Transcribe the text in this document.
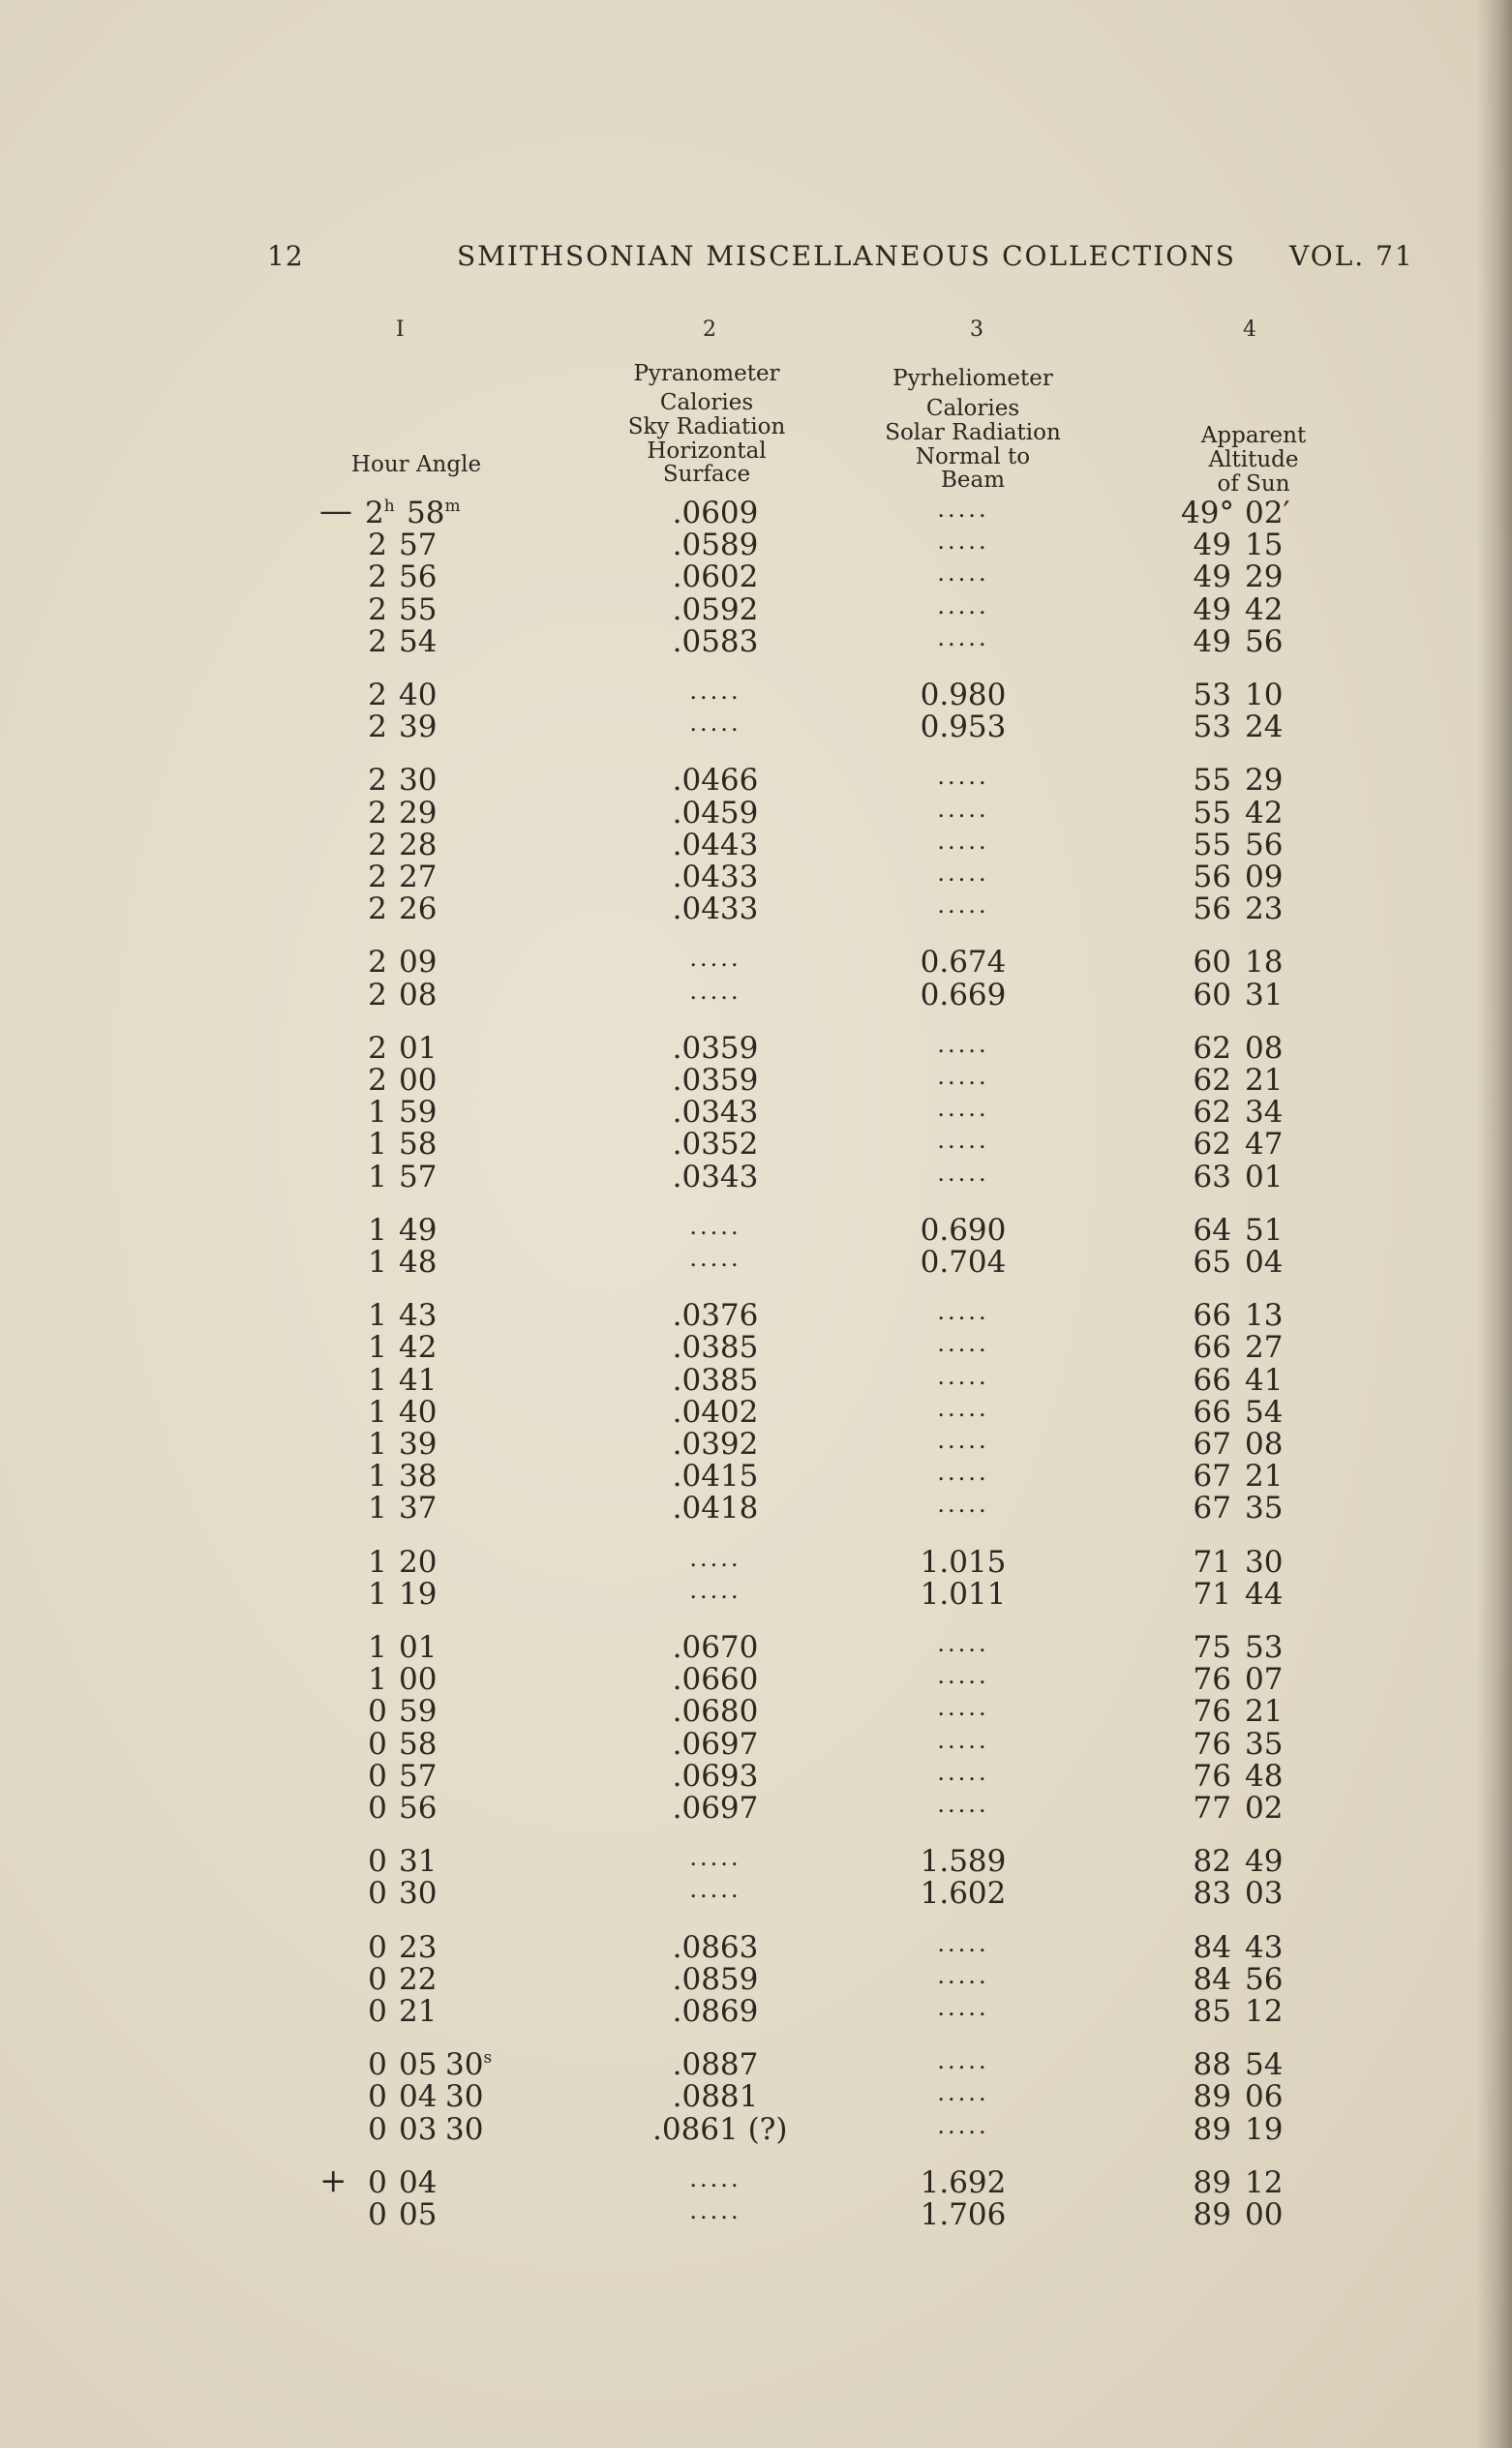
12	SMITHSONIAN MISCELLANEOUS COLLECTIONS VOL. 71
I	2	3	4
Hour Angle
Pyranometer
Calories
Sky Radiation
Horizontal
Surface
Pyrheliometer
Calories
Solar Radiation
Normal to
Beam
Apparent
Altitude
of Sun
— 2$^h$ 58$^m$	.0609	.....	49° 02′
2 57	.0589	.....	49 15
2 56	.0602	.....	49 29
2 55	.0592	.....	49 42
2 54	.0583	.....	49 56
2 40	.....	0.980	53 10
2 39	.....	0.953	53 24
2 30	.0466	.....	55 29
2 29	.0459	.....	55 42
2 28	.0443	.....	55 56
2 27	.0433	.....	56 09
2 26	.0433	.....	56 23
2 09	.....	0.674	60 18
2 08	.....	0.669	60 31
2 01	.0359	.....	62 08
2 00	.0359	.....	62 21
1 59	.0343	.....	62 34
1 58	.0352	.....	62 47
1 57	.0343	.....	63 01
1 49	.....	0.690	64 51
1 48	.....	0.704	65 04
1 43	.0376	.....	66 13
1 42	.0385	.....	66 27
1 41	.0385	.....	66 41
1 40	.0402	.....	66 54
1 39	.0392	.....	67 08
1 38	.0415	.....	67 21
1 37	.0418	.....	67 35
1 20	.....	1.015	71 30
1 19	.....	1.011	71 44
1 01	.0670	.....	75 53
1 00	.0660	.....	76 07
0 59	.0680	.....	76 21
0 58	.0697	.....	76 35
0 57	.0693	.....	76 48
0 56	.0697	.....	77 02
0 31	.....	1.589	82 49
0 30	.....	1.602	83 03
0 23	.0863	.....	84 43
0 22	.0859	.....	84 56
0 21	.0869	.....	85 12
0 05 30$^s$	.0887	.....	88 54
0 04 30	.0881	.....	89 06
0 03 30	.0861 (?)	.....	89 19
+ 0 04	.....	1.692	89 12
0 05	.....	1.706	89 00
